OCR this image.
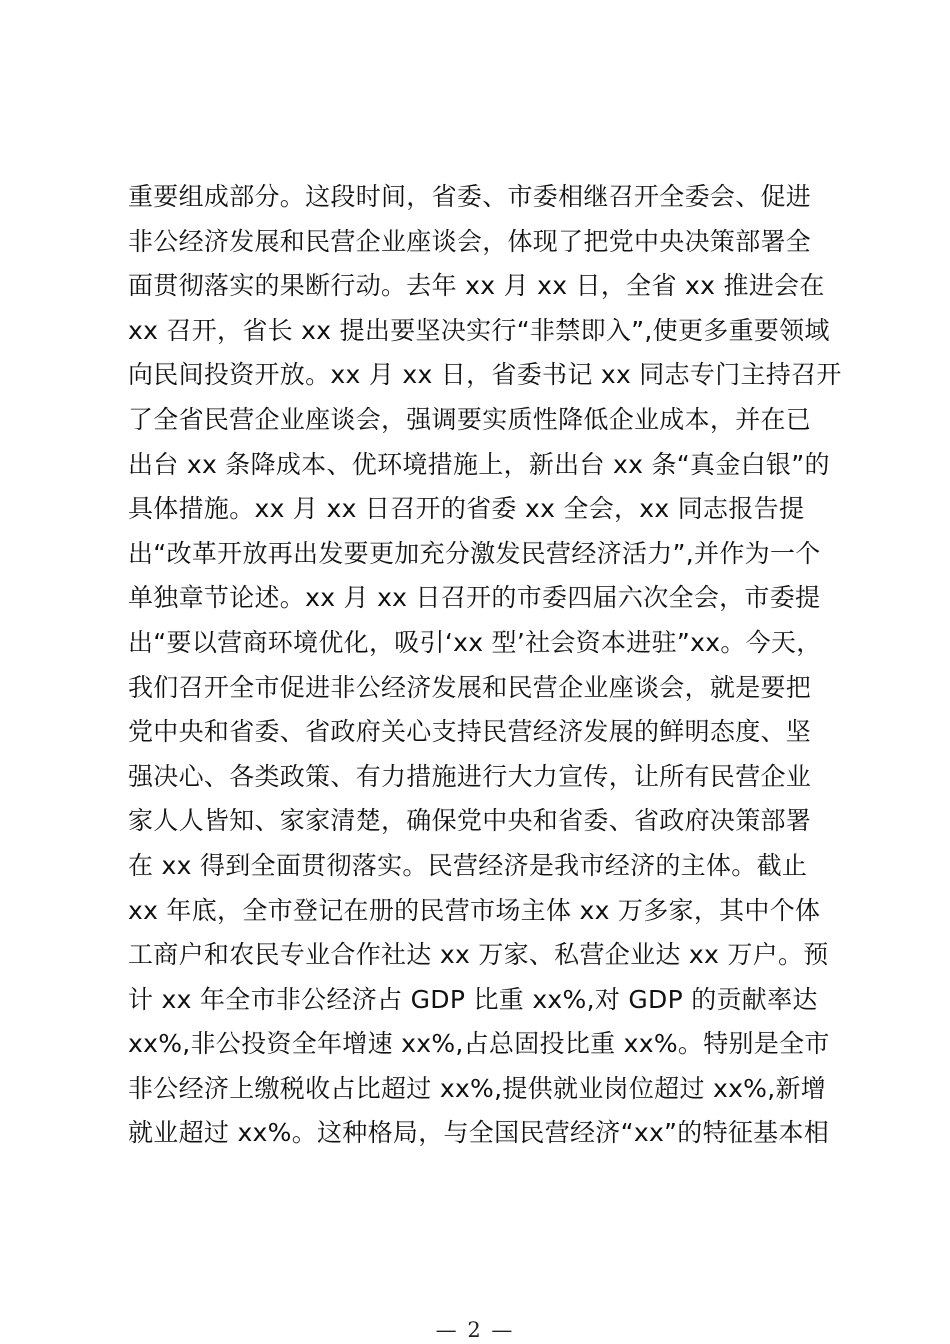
重要组成部分。这段时间，省委、市委相继召开全委会、促进
非公经济发展和民营企业座谈会，体现了把党中央决策部署全
面贯彻落实的果断行动。去年 xx 月 xx 日，全省 xx 推进会在
xx 召开，省长 xx 提出要坚决实行“非禁即入”,使更多重要领域
向民间投资开放。xx 月 xx 日，省委书记 xx 同志专门主持召开
了全省民营企业座谈会，强调要实质性降低企业成本，并在已
出台 xx 条降成本、优环境措施上，新出台 xx 条“真金白银”的
具体措施。xx 月 xx 日召开的省委 xx 全会，xx 同志报告提
出“改革开放再出发要更加充分激发民营经济活力”,并作为一个
单独章节论述。xx 月 xx 日召开的市委四届六次全会，市委提
出“要以营商环境优化，吸引‘xx 型’社会资本进驻”xx。今天，
我们召开全市促进非公经济发展和民营企业座谈会，就是要把
党中央和省委、省政府关心支持民营经济发展的鲜明态度、坚
强决心、各类政策、有力措施进行大力宣传，让所有民营企业
家人人皆知、家家清楚，确保党中央和省委、省政府决策部署
在 xx 得到全面贯彻落实。民营经济是我市经济的主体。截止
xx 年底，全市登记在册的民营市场主体 xx 万多家，其中个体
工商户和农民专业合作社达 xx 万家、私营企业达 xx 万户。预
计 xx 年全市非公经济占 GDP 比重 xx%,对 GDP 的贡献率达
xx%,非公投资全年增速 xx%,占总固投比重 xx%。特别是全市
非公经济上缴税收占比超过 xx%,提供就业岗位超过 xx%,新增
就业超过 xx%。这种格局，与全国民营经济“xx”的特征基本相
— 2 —
